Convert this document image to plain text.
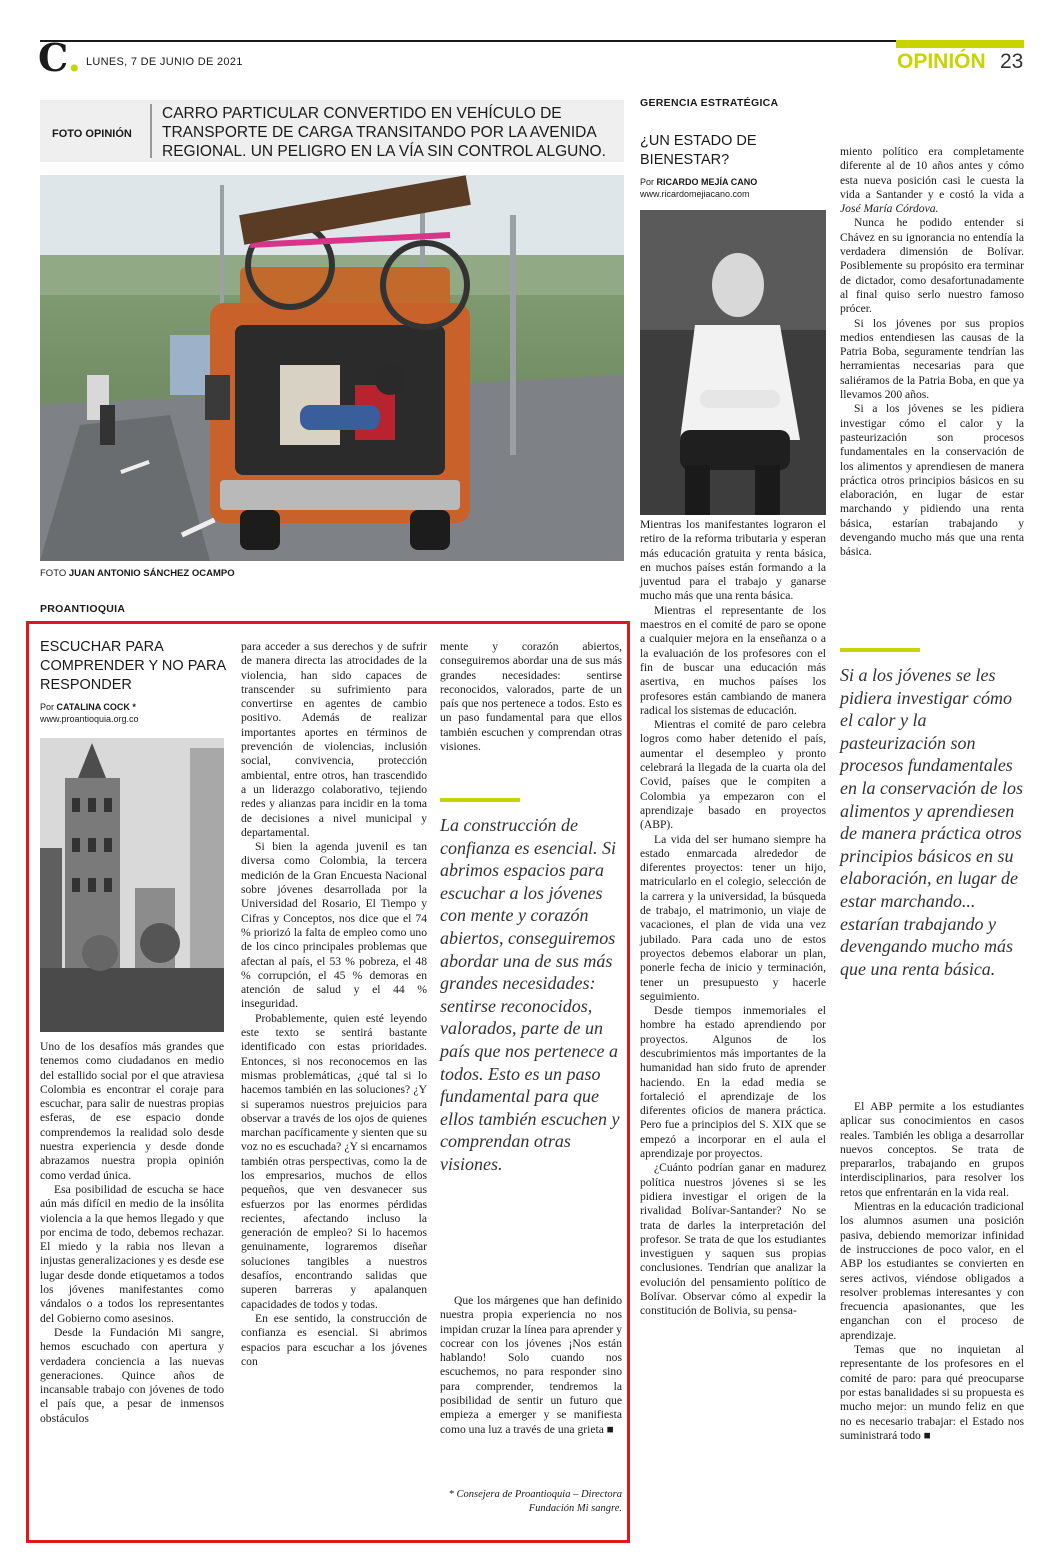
C. LUNES, 7 DE JUNIO DE 2021	OPINIÓN 23
FOTO OPINIÓN
CARRO PARTICULAR CONVERTIDO EN VEHÍCULO DE TRANSPORTE DE CARGA TRANSITANDO POR LA AVENIDA REGIONAL. UN PELIGRO EN LA VÍA SIN CONTROL ALGUNO.
FOTO JUAN ANTONIO SÁNCHEZ OCAMPO
PROANTIOQUIA
ESCUCHAR PARA COMPRENDER Y NO PARA RESPONDER
Por CATALINA COCK *
www.proantioquia.org.co

Uno de los desafíos más grandes que tenemos como ciudadanos en medio del estallido social por el que atraviesa Colombia es encontrar el coraje para escuchar, para salir de nuestras propias esferas, de ese espacio donde comprendemos la realidad solo desde nuestra experiencia y desde donde abrazamos nuestra propia opinión como verdad única.

Esa posibilidad de escucha se hace aún más difícil en medio de la insólita violencia a la que hemos llegado y que por encima de todo, debemos rechazar. El miedo y la rabia nos llevan a injustas generalizaciones y es desde ese lugar desde donde etiquetamos a todos los jóvenes manifestantes como vándalos o a todos los representantes del Gobierno como asesinos.

Desde la Fundación Mi sangre, hemos escuchado con apertura y verdadera conciencia a las nuevas generaciones. Quince años de incansable trabajo con jóvenes de todo el país que, a pesar de inmensos obstáculos

para acceder a sus derechos y de sufrir de manera directa las atrocidades de la violencia, han sido capaces de transcender su sufrimiento para convertirse en agentes de cambio positivo. Además de realizar importantes aportes en términos de prevención de violencias, inclusión social, convivencia, protección ambiental, entre otros, han trascendido a un liderazgo colaborativo, tejiendo redes y alianzas para incidir en la toma de decisiones a nivel municipal y departamental.

Si bien la agenda juvenil es tan diversa como Colombia, la tercera medición de la Gran Encuesta Nacional sobre jóvenes desarrollada por la Universidad del Rosario, El Tiempo y Cifras y Conceptos, nos dice que el 74 % priorizó la falta de empleo como uno de los cinco principales problemas que afectan al país, el 53 % pobreza, el 48 % corrupción, el 45 % demoras en atención de salud y el 44 % inseguridad.

Probablemente, quien esté leyendo este texto se sentirá bastante identificado con estas prioridades. Entonces, si nos reconocemos en las mismas problemáticas, ¿qué tal si lo hacemos también en las soluciones? ¿Y si superamos nuestros prejuicios para observar a través de los ojos de quienes marchan pacíficamente y sienten que su voz no es escuchada? ¿Y si encarnamos también otras perspectivas, como la de los empresarios, muchos de ellos pequeños, que ven desvanecer sus esfuerzos por las enormes pérdidas recientes, afectando incluso la generación de empleo? Si lo hacemos genuinamente, lograremos diseñar soluciones tangibles a nuestros desafíos, encontrando salidas que superen barreras y apalanquen capacidades de todos y todas.

En ese sentido, la construcción de confianza es esencial. Si abrimos espacios para escuchar a los jóvenes con

mente y corazón abiertos, conseguiremos abordar una de sus más grandes necesidades: sentirse reconocidos, valorados, parte de un país que nos pertenece a todos. Esto es un paso fundamental para que ellos también escuchen y comprendan otras visiones.

La construcción de confianza es esencial. Si abrimos espacios para escuchar a los jóvenes con mente y corazón abiertos, conseguiremos abordar una de sus más grandes necesidades: sentirse reconocidos, valorados, parte de un país que nos pertenece a todos. Esto es un paso fundamental para que ellos también escuchen y comprendan otras visiones.

Que los márgenes que han definido nuestra propia experiencia no nos impidan cruzar la línea para aprender y cocrear con los jóvenes ¡Nos están hablando! Solo cuando nos escuchemos, no para responder sino para comprender, tendremos la posibilidad de sentir un futuro que empieza a emerger y se manifiesta como una luz a través de una grieta ■

* Consejera de Proantioquia – Directora Fundación Mi sangre.
GERENCIA ESTRATÉGICA
¿UN ESTADO DE BIENESTAR?
Por RICARDO MEJÍA CANO
www.ricardomejiacano.com

Mientras los manifestantes lograron el retiro de la reforma tributaria y esperan más educación gratuita y renta básica, en muchos países están formando a la juventud para el trabajo y ganarse mucho más que una renta básica.

Mientras el representante de los maestros en el comité de paro se opone a cualquier mejora en la enseñanza o a la evaluación de los profesores con el fin de buscar una educación más asertiva, en muchos países los profesores están cambiando de manera radical los sistemas de educación.

Mientras el comité de paro celebra logros como haber detenido el país, aumentar el desempleo y pronto celebrará la llegada de la cuarta ola del Covid, países que le compiten a Colombia ya empezaron con el aprendizaje basado en proyectos (ABP).

La vida del ser humano siempre ha estado enmarcada alrededor de diferentes proyectos: tener un hijo, matricularlo en el colegio, selección de la carrera y la universidad, la búsqueda de trabajo, el matrimonio, un viaje de vacaciones, el plan de vida una vez jubilado. Para cada uno de estos proyectos debemos elaborar un plan, ponerle fecha de inicio y terminación, tener un presupuesto y hacerle seguimiento.

Desde tiempos inmemoriales el hombre ha estado aprendiendo por proyectos. Algunos de los descubrimientos más importantes de la humanidad han sido fruto de aprender haciendo. En la edad media se fortaleció el aprendizaje de los diferentes oficios de manera práctica. Pero fue a principios del S. XIX que se empezó a incorporar en el aula el aprendizaje por proyectos.

¿Cuánto podrían ganar en madurez política nuestros jóvenes si se les pidiera investigar el origen de la rivalidad Bolívar-Santander? No se trata de darles la interpretación del profesor. Se trata de que los estudiantes investiguen y saquen sus propias conclusiones. Tendrían que analizar la evolución del pensamiento político de Bolívar. Observar cómo al expedir la constitución de Bolivia, su pensa-

miento político era completamente diferente al de 10 años antes y cómo esta nueva posición casi le cuesta la vida a Santander y e costó la vida a José María Córdova.

Nunca he podido entender si Chávez en su ignorancia no entendía la verdadera dimensión de Bolívar. Posiblemente su propósito era terminar de dictador, como desafortunadamente al final quiso serlo nuestro famoso prócer.

Si los jóvenes por sus propios medios entendiesen las causas de la Patria Boba, seguramente tendrían las herramientas necesarias para que saliéramos de la Patria Boba, en que ya llevamos 200 años.

Si a los jóvenes se les pidiera investigar cómo el calor y la pasteurización son procesos fundamentales en la conservación de los alimentos y aprendiesen de manera práctica otros principios básicos en su elaboración, en lugar de estar marchando y pidiendo una renta básica, estarían trabajando y devengando mucho más que una renta básica.

Si a los jóvenes se les pidiera investigar cómo el calor y la pasteurización son procesos fundamentales en la conservación de los alimentos y aprendiesen de manera práctica otros principios básicos en su elaboración, en lugar de estar marchando... estarían trabajando y devengando mucho más que una renta básica.

El ABP permite a los estudiantes aplicar sus conocimientos en casos reales. También les obliga a desarrollar nuevos conceptos. Se trata de prepararlos, trabajando en grupos interdisciplinarios, para resolver los retos que enfrentarán en la vida real.

Mientras en la educación tradicional los alumnos asumen una posición pasiva, debiendo memorizar infinidad de instrucciones de poco valor, en el ABP los estudiantes se convierten en seres activos, viéndose obligados a resolver problemas interesantes y con frecuencia apasionantes, que les enganchan con el proceso de aprendizaje.

Temas que no inquietan al representante de los profesores en el comité de paro: para qué preocuparse por estas banalidades si su propuesta es mucho mejor: un mundo feliz en que no es necesario trabajar: el Estado nos suministrará todo ■
